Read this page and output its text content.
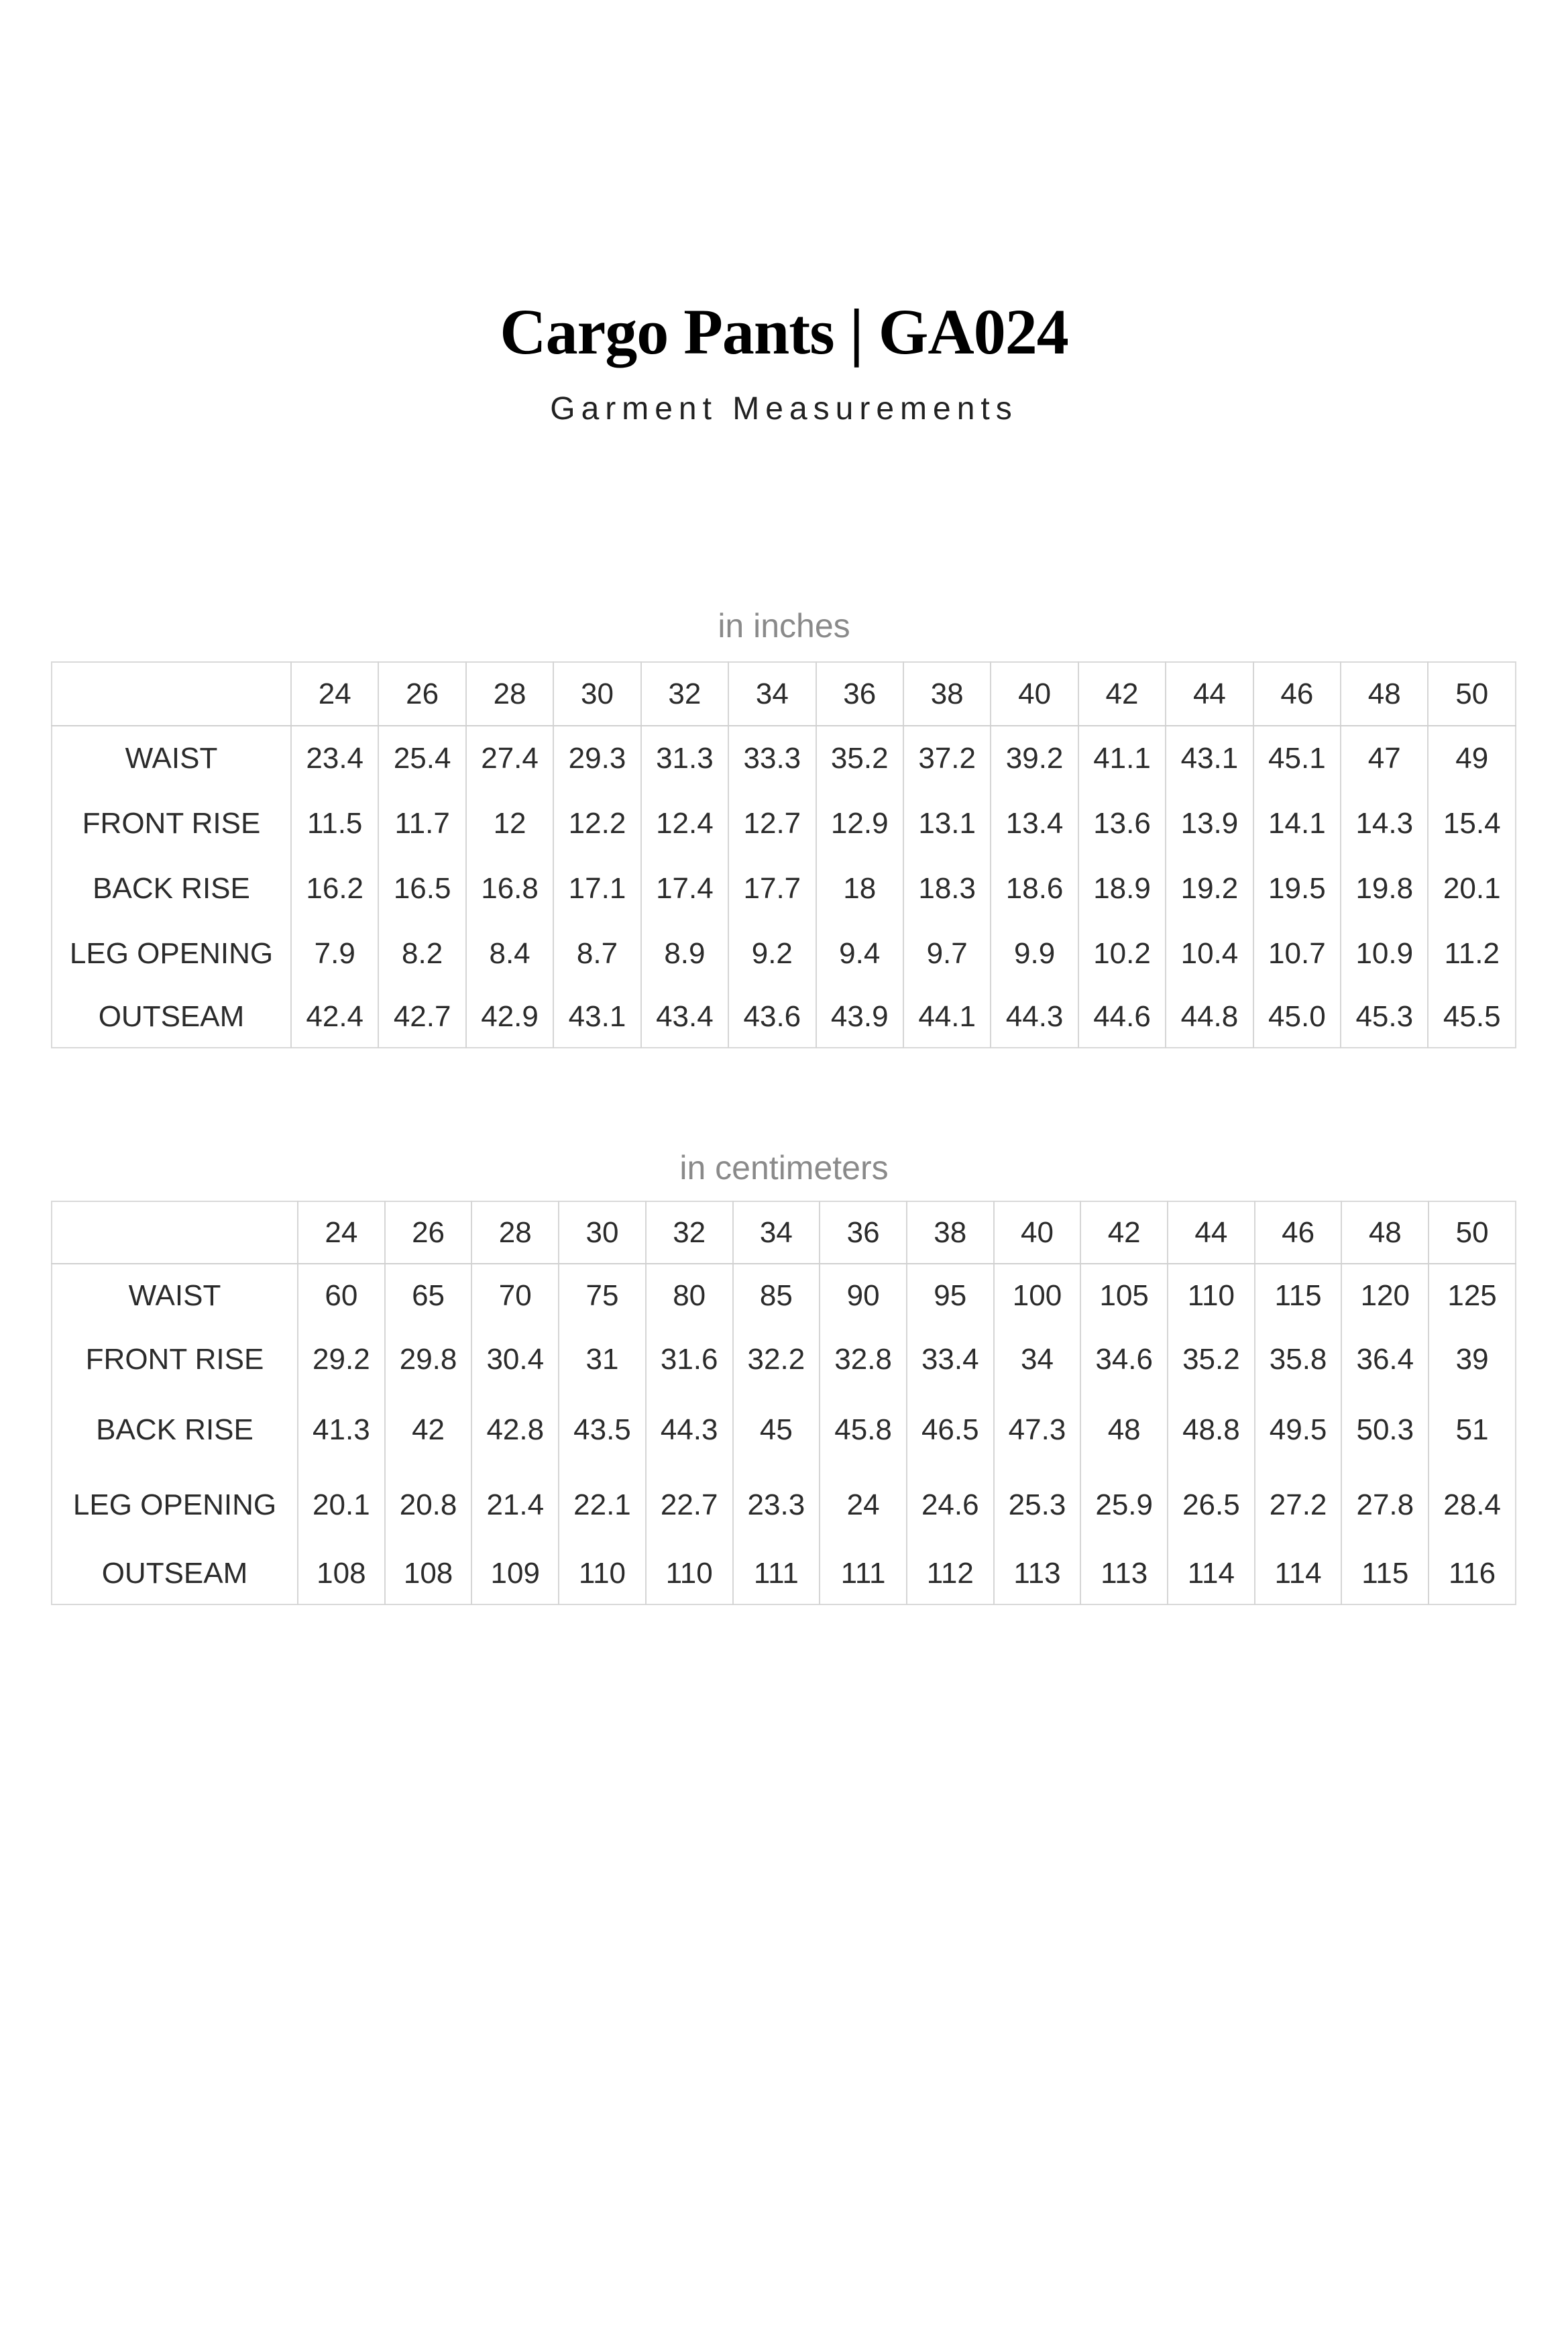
Cargo Pants | GA024
Garment Measurements
in inches
	24	26	28	30	32	34	36	38	40	42	44	46	48	50
WAIST	23.4	25.4	27.4	29.3	31.3	33.3	35.2	37.2	39.2	41.1	43.1	45.1	47	49
FRONT RISE	11.5	11.7	12	12.2	12.4	12.7	12.9	13.1	13.4	13.6	13.9	14.1	14.3	15.4
BACK RISE	16.2	16.5	16.8	17.1	17.4	17.7	18	18.3	18.6	18.9	19.2	19.5	19.8	20.1
LEG OPENING	7.9	8.2	8.4	8.7	8.9	9.2	9.4	9.7	9.9	10.2	10.4	10.7	10.9	11.2
OUTSEAM	42.4	42.7	42.9	43.1	43.4	43.6	43.9	44.1	44.3	44.6	44.8	45.0	45.3	45.5
in centimeters
	24	26	28	30	32	34	36	38	40	42	44	46	48	50
WAIST	60	65	70	75	80	85	90	95	100	105	110	115	120	125
FRONT RISE	29.2	29.8	30.4	31	31.6	32.2	32.8	33.4	34	34.6	35.2	35.8	36.4	39
BACK RISE	41.3	42	42.8	43.5	44.3	45	45.8	46.5	47.3	48	48.8	49.5	50.3	51
LEG OPENING	20.1	20.8	21.4	22.1	22.7	23.3	24	24.6	25.3	25.9	26.5	27.2	27.8	28.4
OUTSEAM	108	108	109	110	110	111	111	112	113	113	114	114	115	116
